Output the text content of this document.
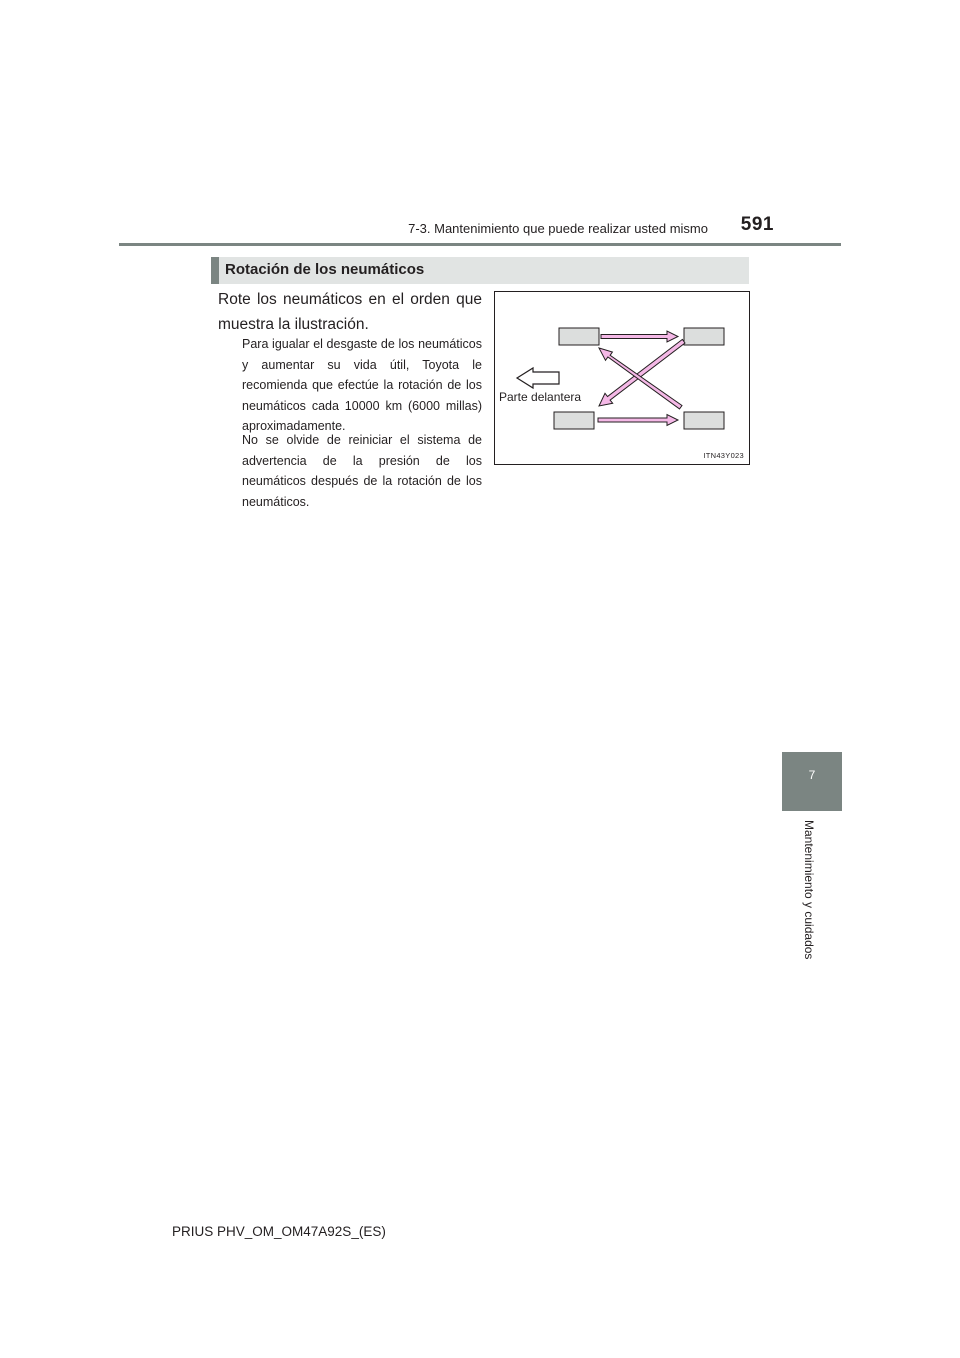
7-3. Mantenimiento que puede realizar usted mismo	591
7
Mantenimiento y cuidados
Rotación de los neumáticos
Rote los neumáticos en el orden que muestra la ilustración.
Para igualar el desgaste de los neumáticos y aumentar su vida útil, Toyota le recomienda que efectúe la rotación de los neumáticos cada 10000 km (6000 millas) aproximadamente.
No se olvide de reiniciar el sistema de advertencia de la presión de los neumáticos después de la rotación de los neumáticos.
Parte delantera
ITN43Y023
PRIUS PHV_OM_OM47A92S_(ES)
